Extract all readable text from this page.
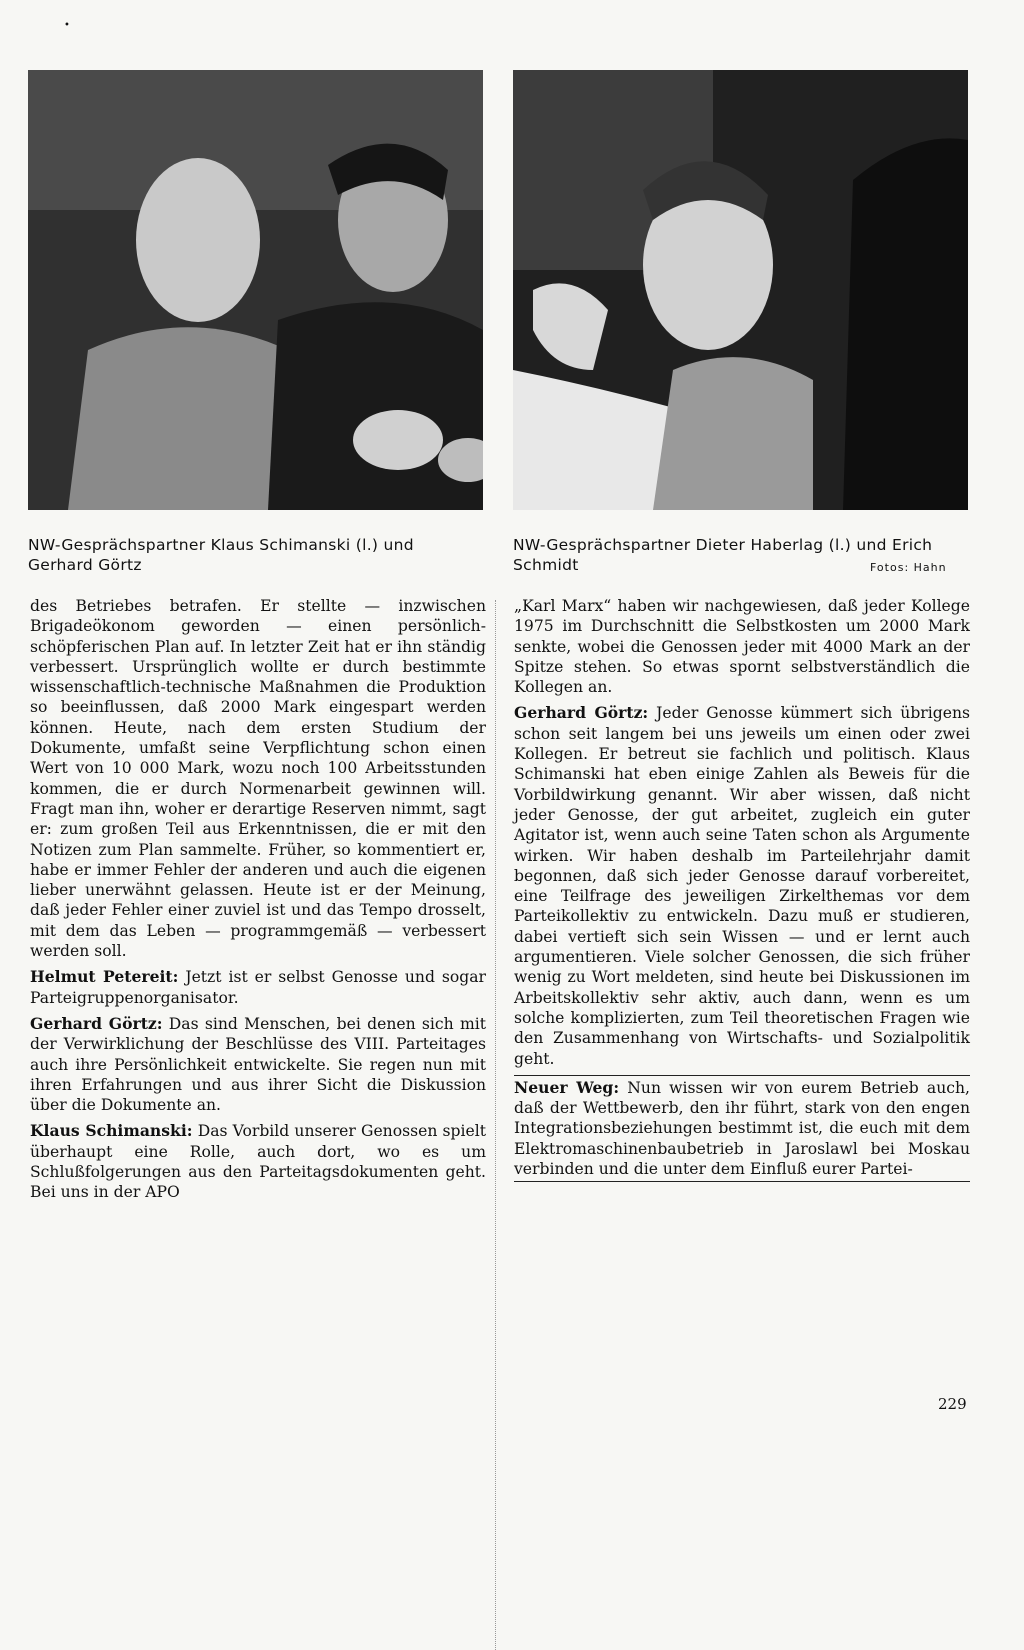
•
NW-Gesprächspartner Klaus Schimanski (l.) und Gerhard Görtz
NW-Gesprächspartner Dieter Haberlag (l.) und Erich Schmidt	Fotos: Hahn

des Betriebes betrafen. Er stellte — inzwischen Brigadeökonom geworden — einen persönlich-schöpferischen Plan auf. In letzter Zeit hat er ihn ständig verbessert. Ursprünglich wollte er durch bestimmte wissenschaftlich-technische Maßnahmen die Produktion so beeinflussen, daß 2000 Mark eingespart werden können. Heute, nach dem ersten Studium der Dokumente, umfaßt seine Verpflichtung schon einen Wert von 10 000 Mark, wozu noch 100 Arbeitsstunden kommen, die er durch Normenarbeit gewinnen will. Fragt man ihn, woher er derartige Reserven nimmt, sagt er: zum großen Teil aus Erkenntnissen, die er mit den Notizen zum Plan sammelte. Früher, so kommentiert er, habe er immer Fehler der anderen und auch die eigenen lieber unerwähnt gelassen. Heute ist er der Meinung, daß jeder Fehler einer zuviel ist und das Tempo drosselt, mit dem das Leben — programmgemäß — verbessert werden soll.

Helmut Petereit: Jetzt ist er selbst Genosse und sogar Parteigruppenorganisator.

Gerhard Görtz: Das sind Menschen, bei denen sich mit der Verwirklichung der Beschlüsse des VIII. Parteitages auch ihre Persönlichkeit entwickelte. Sie regen nun mit ihren Erfahrungen und aus ihrer Sicht die Diskussion über die Dokumente an.

Klaus Schimanski: Das Vorbild unserer Genossen spielt überhaupt eine Rolle, auch dort, wo es um Schlußfolgerungen aus den Parteitagsdokumenten geht. Bei uns in der APO

„Karl Marx“ haben wir nachgewiesen, daß jeder Kollege 1975 im Durchschnitt die Selbstkosten um 2000 Mark senkte, wobei die Genossen jeder mit 4000 Mark an der Spitze stehen. So etwas spornt selbstverständlich die Kollegen an.

Gerhard Görtz: Jeder Genosse kümmert sich übrigens schon seit langem bei uns jeweils um einen oder zwei Kollegen. Er betreut sie fachlich und politisch. Klaus Schimanski hat eben einige Zahlen als Beweis für die Vorbildwirkung genannt. Wir aber wissen, daß nicht jeder Genosse, der gut arbeitet, zugleich ein guter Agitator ist, wenn auch seine Taten schon als Argumente wirken. Wir haben deshalb im Parteilehrjahr damit begonnen, daß sich jeder Genosse darauf vorbereitet, eine Teilfrage des jeweiligen Zirkelthemas vor dem Parteikollektiv zu entwickeln. Dazu muß er studieren, dabei vertieft sich sein Wissen — und er lernt auch argumentieren. Viele solcher Genossen, die sich früher wenig zu Wort meldeten, sind heute bei Diskussionen im Arbeitskollektiv sehr aktiv, auch dann, wenn es um solche komplizierten, zum Teil theoretischen Fragen wie den Zusammenhang von Wirtschafts- und Sozialpolitik geht.

Neuer Weg: Nun wissen wir von eurem Betrieb auch, daß der Wettbewerb, den ihr führt, stark von den engen Integrationsbeziehungen bestimmt ist, die euch mit dem Elektromaschinenbaubetrieb in Jaroslawl bei Moskau verbinden und die unter dem Einfluß eurer Partei-

229
